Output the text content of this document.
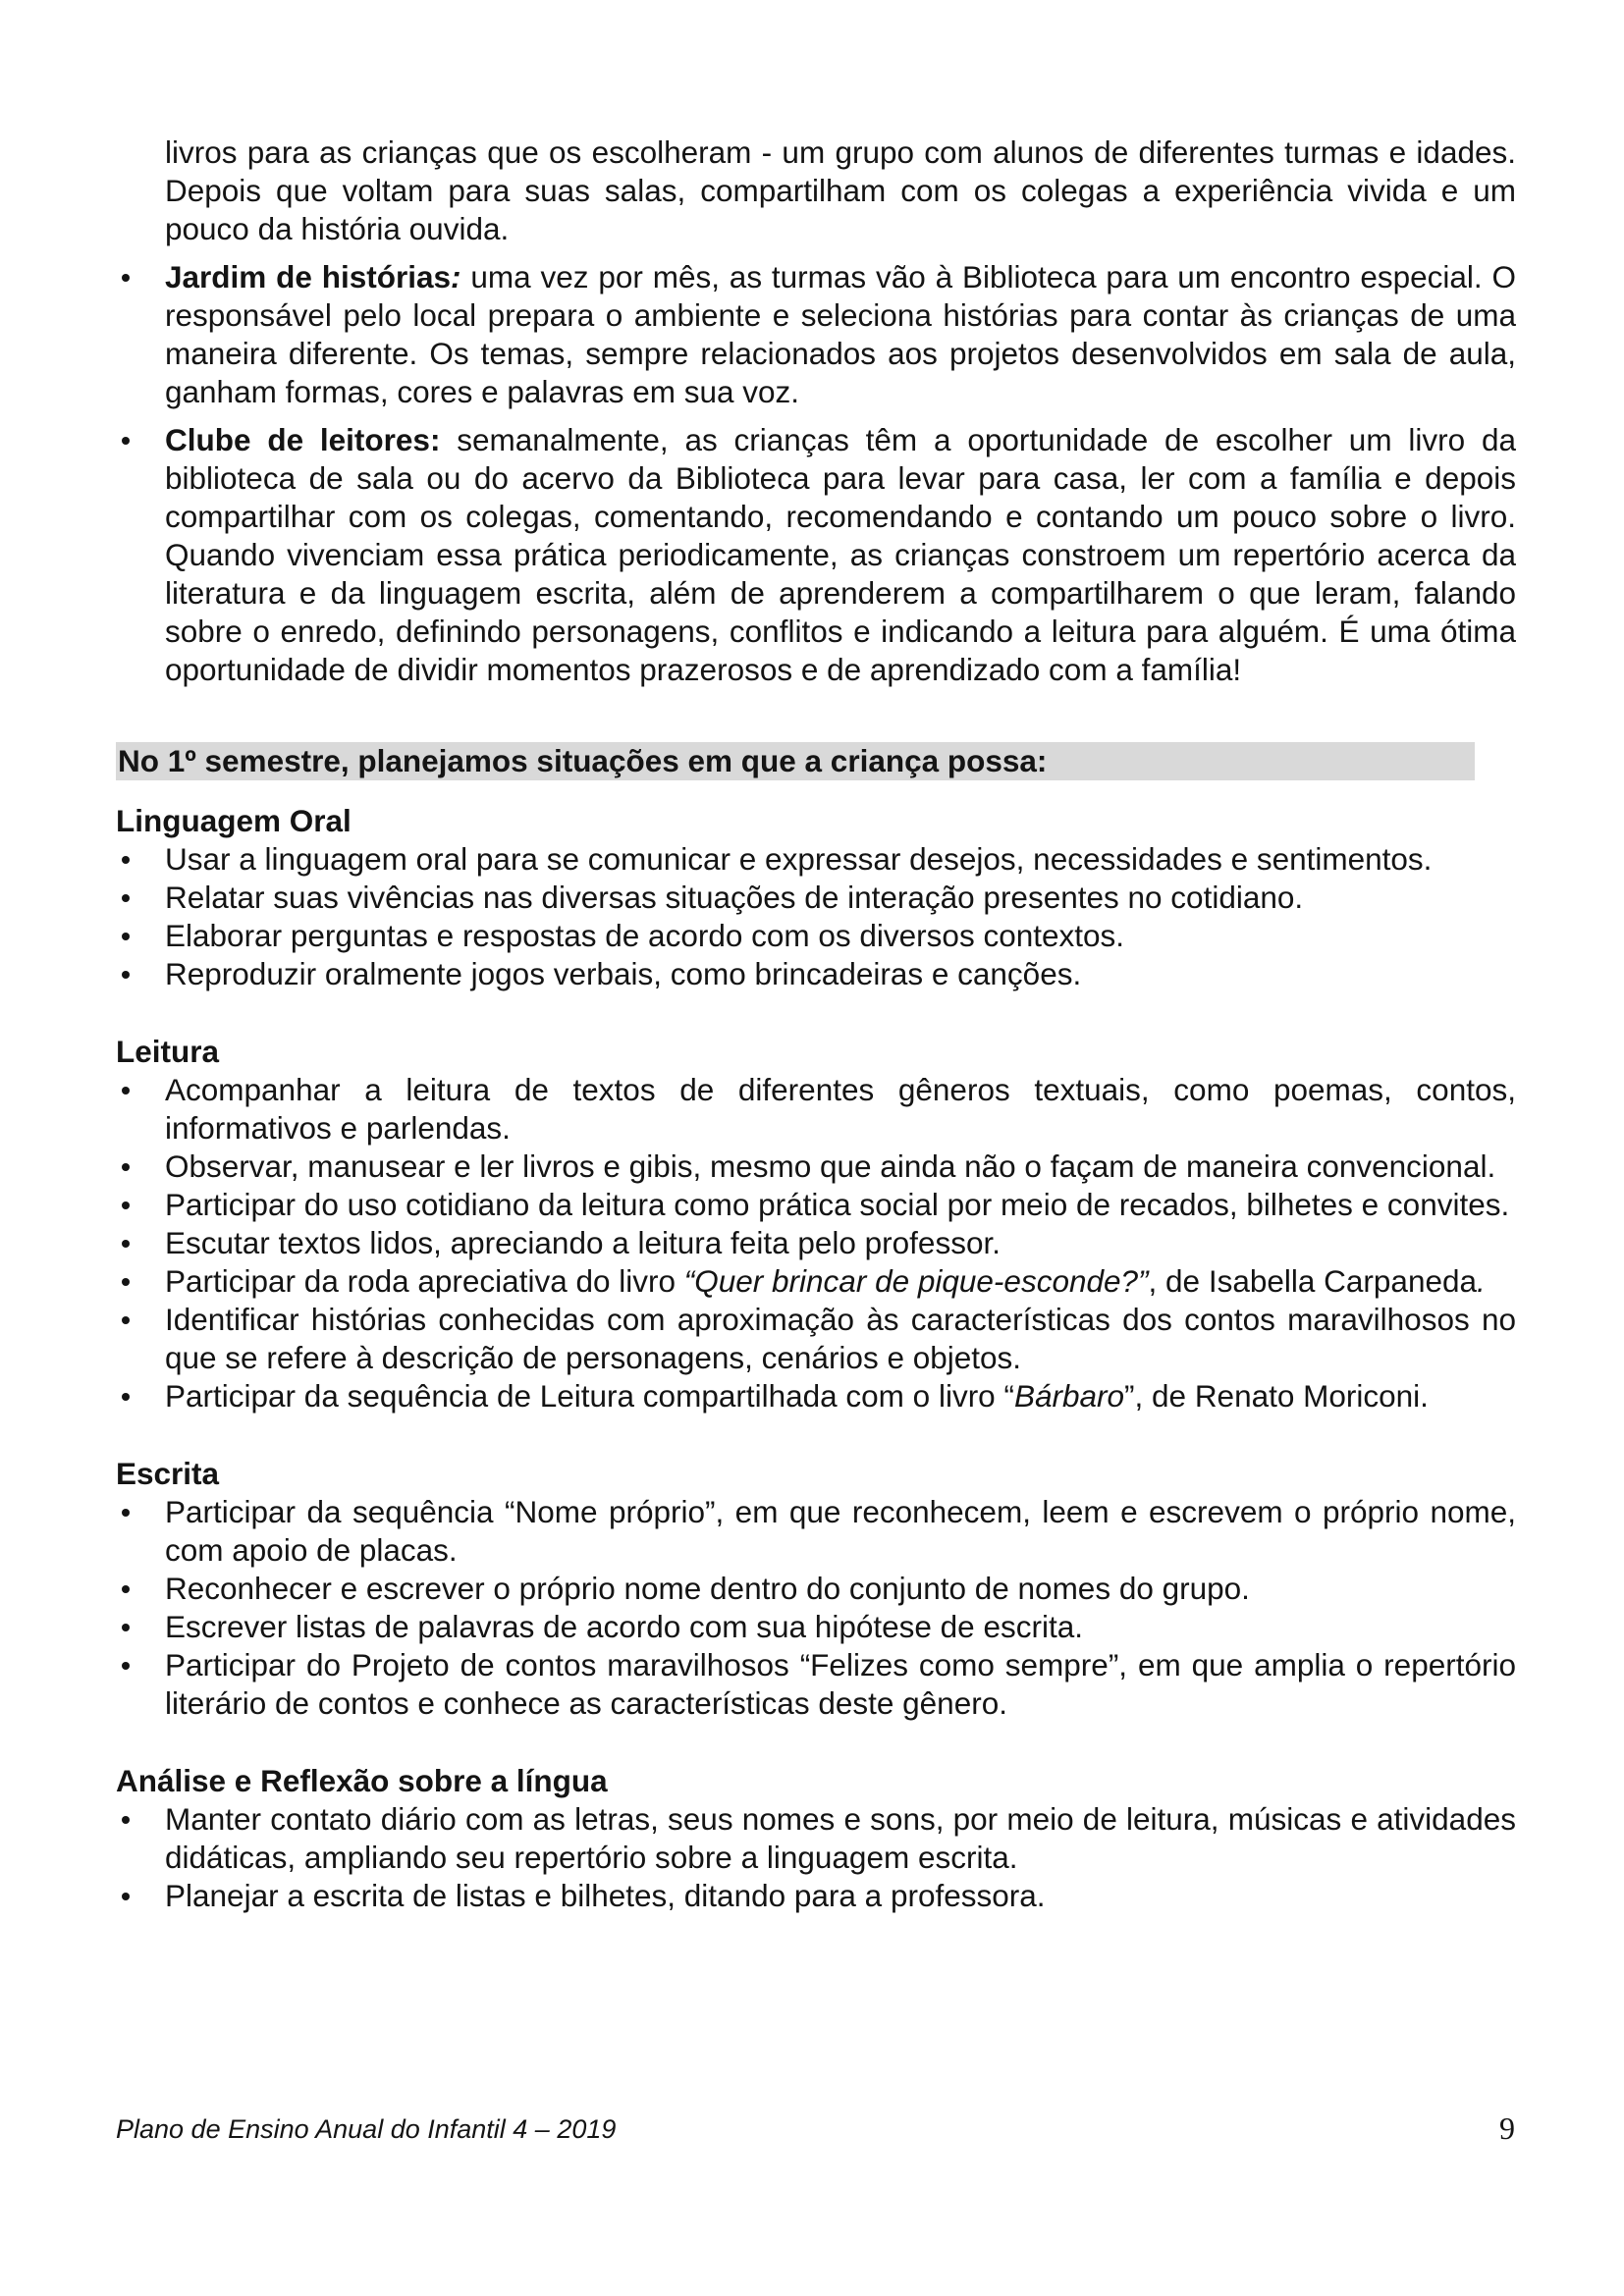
livros para as crianças que os escolheram - um grupo com alunos de diferentes turmas e idades. Depois que voltam para suas salas, compartilham com os colegas a experiência vivida e um pouco da história ouvida.

Jardim de histórias: uma vez por mês, as turmas vão à Biblioteca para um encontro especial. O responsável pelo local prepara o ambiente e seleciona histórias para contar às crianças de uma maneira diferente. Os temas, sempre relacionados aos projetos desenvolvidos em sala de aula, ganham formas, cores e palavras em sua voz.
Clube de leitores: semanalmente, as crianças têm a oportunidade de escolher um livro da biblioteca de sala ou do acervo da Biblioteca para levar para casa, ler com a família e depois compartilhar com os colegas, comentando, recomendando e contando um pouco sobre o livro. Quando vivenciam essa prática periodicamente, as crianças constroem um repertório acerca da literatura e da linguagem escrita, além de aprenderem a compartilharem o que leram, falando sobre o enredo, definindo personagens, conflitos e indicando a leitura para alguém. É uma ótima oportunidade de dividir momentos prazerosos e de aprendizado com a família!
No 1º semestre, planejamos situações em que a criança possa:
Linguagem Oral
Usar a linguagem oral para se comunicar e expressar desejos, necessidades e sentimentos.
Relatar suas vivências nas diversas situações de interação presentes no cotidiano.
Elaborar perguntas e respostas de acordo com os diversos contextos.
Reproduzir oralmente jogos verbais, como brincadeiras e canções.
Leitura
Acompanhar a leitura de textos de diferentes gêneros textuais, como poemas, contos, informativos e parlendas.
Observar, manusear e ler livros e gibis, mesmo que ainda não o façam de maneira convencional.
Participar do uso cotidiano da leitura como prática social por meio de recados, bilhetes e convites.
Escutar textos lidos, apreciando a leitura feita pelo professor.
Participar da roda apreciativa do livro “Quer brincar de pique-esconde?”, de Isabella Carpaneda.
Identificar histórias conhecidas com aproximação às características dos contos maravilhosos no que se refere à descrição de personagens, cenários e objetos.
Participar da sequência de Leitura compartilhada com o livro “Bárbaro”, de Renato Moriconi.
Escrita
Participar da sequência “Nome próprio”, em que reconhecem, leem e escrevem o próprio nome, com apoio de placas.
Reconhecer e escrever o próprio nome dentro do conjunto de nomes do grupo.
Escrever listas de palavras de acordo com sua hipótese de escrita.
Participar do Projeto de contos maravilhosos “Felizes como sempre”, em que amplia o repertório literário de contos e conhece as características deste gênero.
Análise e Reflexão sobre a língua
Manter contato diário com as letras, seus nomes e sons, por meio de leitura, músicas e atividades didáticas, ampliando seu repertório sobre a linguagem escrita.
Planejar a escrita de listas e bilhetes, ditando para a professora.
Plano de Ensino Anual do Infantil 4 – 2019	9
